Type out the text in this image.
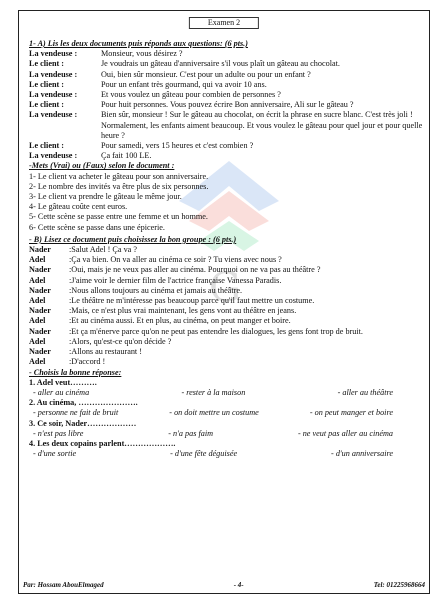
Examen 2
G
1- A) Lis les deux documents puis réponds aux questions: (6 pts.)
La vendeuse :	Monsieur, vous désirez ?
Le client :	Je voudrais un gâteau d'anniversaire s'il vous plaît un gâteau au chocolat.
La vendeuse :	Oui, bien sûr monsieur. C'est pour un adulte ou pour un enfant ?
Le client :	Pour un enfant très gourmand, qui va avoir 10 ans.
La vendeuse :	Et vous voulez un gâteau pour combien de personnes ?
Le client :	Pour huit personnes. Vous pouvez écrire Bon anniversaire, Ali sur le gâteau ?
La vendeuse :	Bien sûr, monsieur ! Sur le gâteau au chocolat, on écrit la phrase en sucre blanc. C'est très joli ! Normalement, les enfants aiment beaucoup. Et vous voulez le gâteau pour quel jour et pour quelle heure ?
Le client :	Pour samedi, vers 15 heures et c'est combien ?
La vendeuse :	Ça fait 100 LE.
-Mets (Vrai) ou (Faux) selon le document :
1- Le client va acheter le gâteau pour son anniversaire.
2- Le nombre des invités va être plus de six personnes.
3- Le client va prendre le gâteau le même jour.
4- Le gâteau coûte cent euros.
5- Cette scène se passe entre une femme et un homme.
6- Cette scène se passe dans une épicerie.
- B) Lisez ce document puis choisissez la bon groupe : (6 pts.)
Nader	:Salut Adel ! Ça va ?
Adel	:Ça va bien. On va aller au cinéma ce soir ? Tu viens avec nous ?
Nader	:Oui, mais je ne veux pas aller au cinéma. Pourquoi on ne va pas au théâtre ?
Adel	:J'aime voir le dernier film de l'actrice française Vanessa Paradis.
Nader	:Nous allons toujours au cinéma et jamais au théâtre.
Adel	:Le théâtre ne m'intéresse pas beaucoup parce qu'il faut mettre un costume.
Nader	:Mais, ce n'est plus vrai maintenant, les gens vont au théâtre en jeans.
Adel	:Et au cinéma aussi. Et en plus, au cinéma, on peut manger et boire.
Nader	:Et ça m'énerve parce qu'on ne peut pas entendre les dialogues, les gens font trop de bruit.
Adel	:Alors, qu'est-ce qu'on décide ?
Nader	:Allons au restaurant !
Adel	:D'accord !
- Choisis la bonne réponse:
1. Adel veut……….
- aller au cinéma	- rester à la maison	- aller au théâtre
2. Au cinéma, ………………….
- personne ne fait de bruit	- on doit mettre un costume	- on peut manger et boire
3. Ce soir, Nader………………
- n'est pas libre	- n'a pas faim	- ne veut pas aller au cinéma
4. Les deux copains parlent……………….
- d'une sortie	- d'une fête déguisée	- d'un anniversaire
Par: Hossam AbouElmaged	- 4-	Tel: 01225968664
